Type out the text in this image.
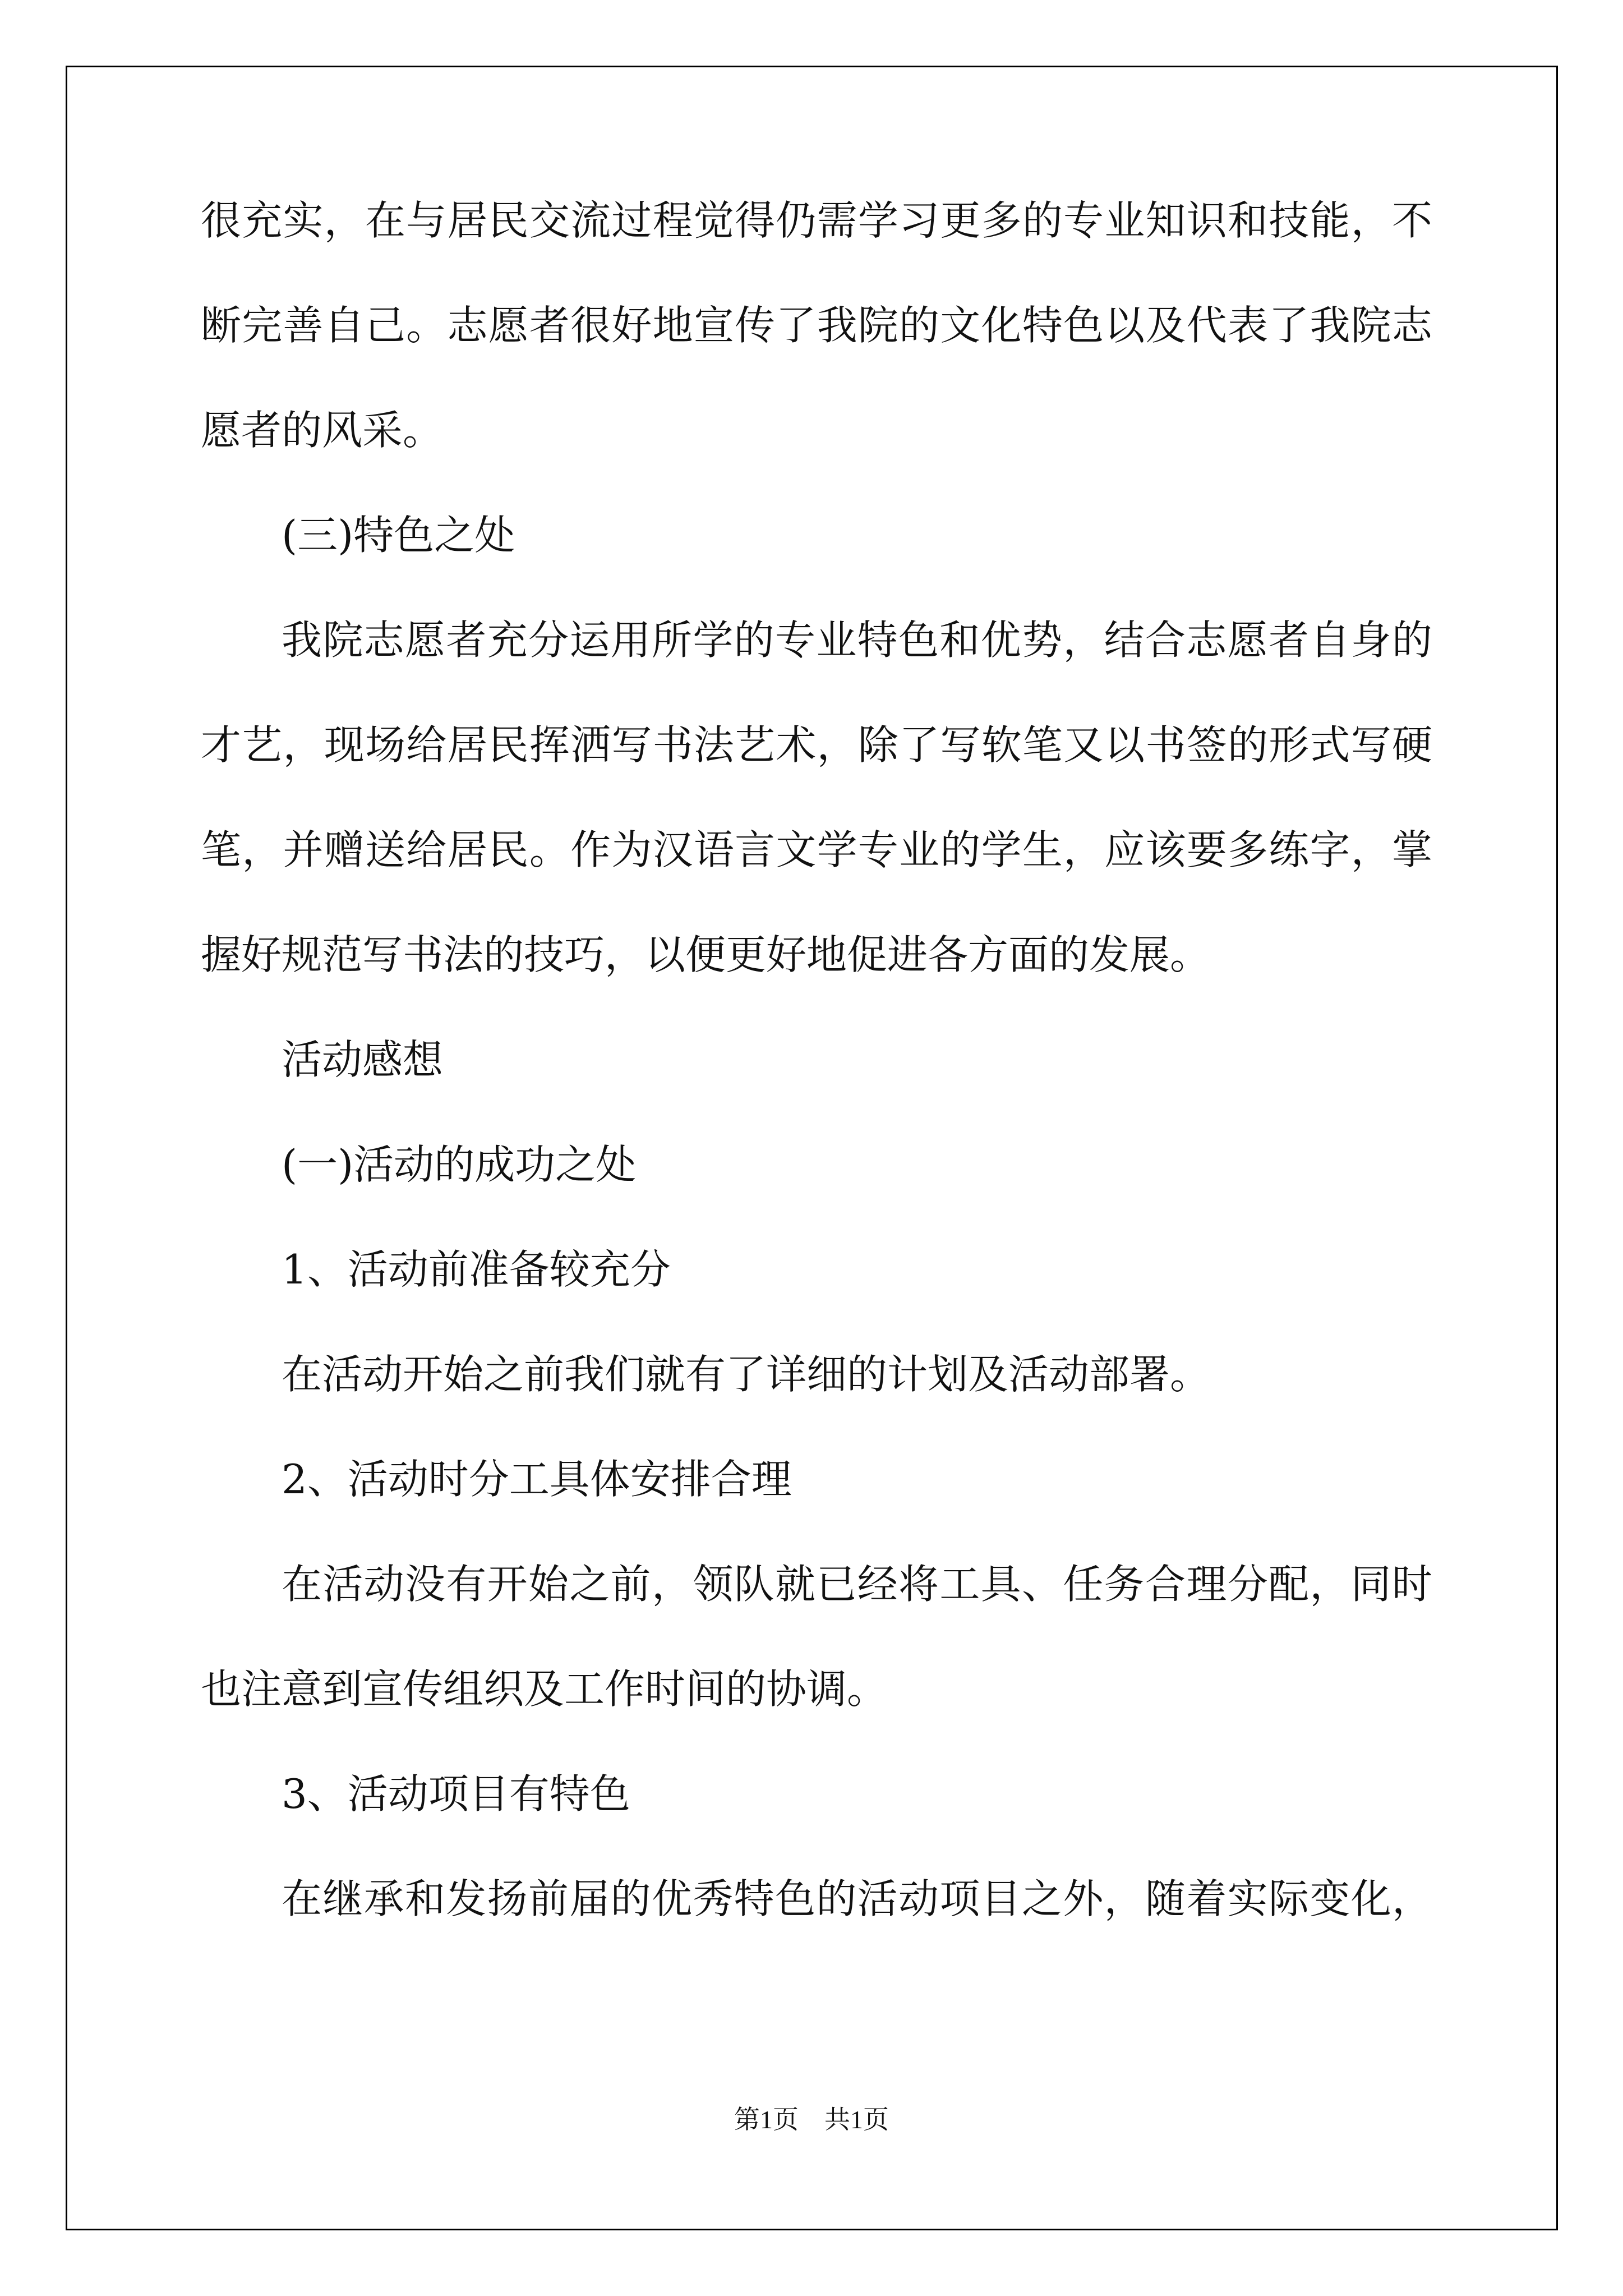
很充实，在与居民交流过程觉得仍需学习更多的专业知识和技能，不
断完善自己。志愿者很好地宣传了我院的文化特色以及代表了我院志
愿者的风采。
(三)特色之处
我院志愿者充分运用所学的专业特色和优势，结合志愿者自身的
才艺，现场给居民挥洒写书法艺术，除了写软笔又以书签的形式写硬
笔，并赠送给居民。作为汉语言文学专业的学生，应该要多练字，掌
握好规范写书法的技巧，以便更好地促进各方面的发展。
活动感想
(一)活动的成功之处
1、活动前准备较充分
在活动开始之前我们就有了详细的计划及活动部署。
2、活动时分工具体安排合理
在活动没有开始之前，领队就已经将工具、任务合理分配，同时
也注意到宣传组织及工作时间的协调。
3、活动项目有特色
在继承和发扬前届的优秀特色的活动项目之外，随着实际变化，
第1页　共1页
